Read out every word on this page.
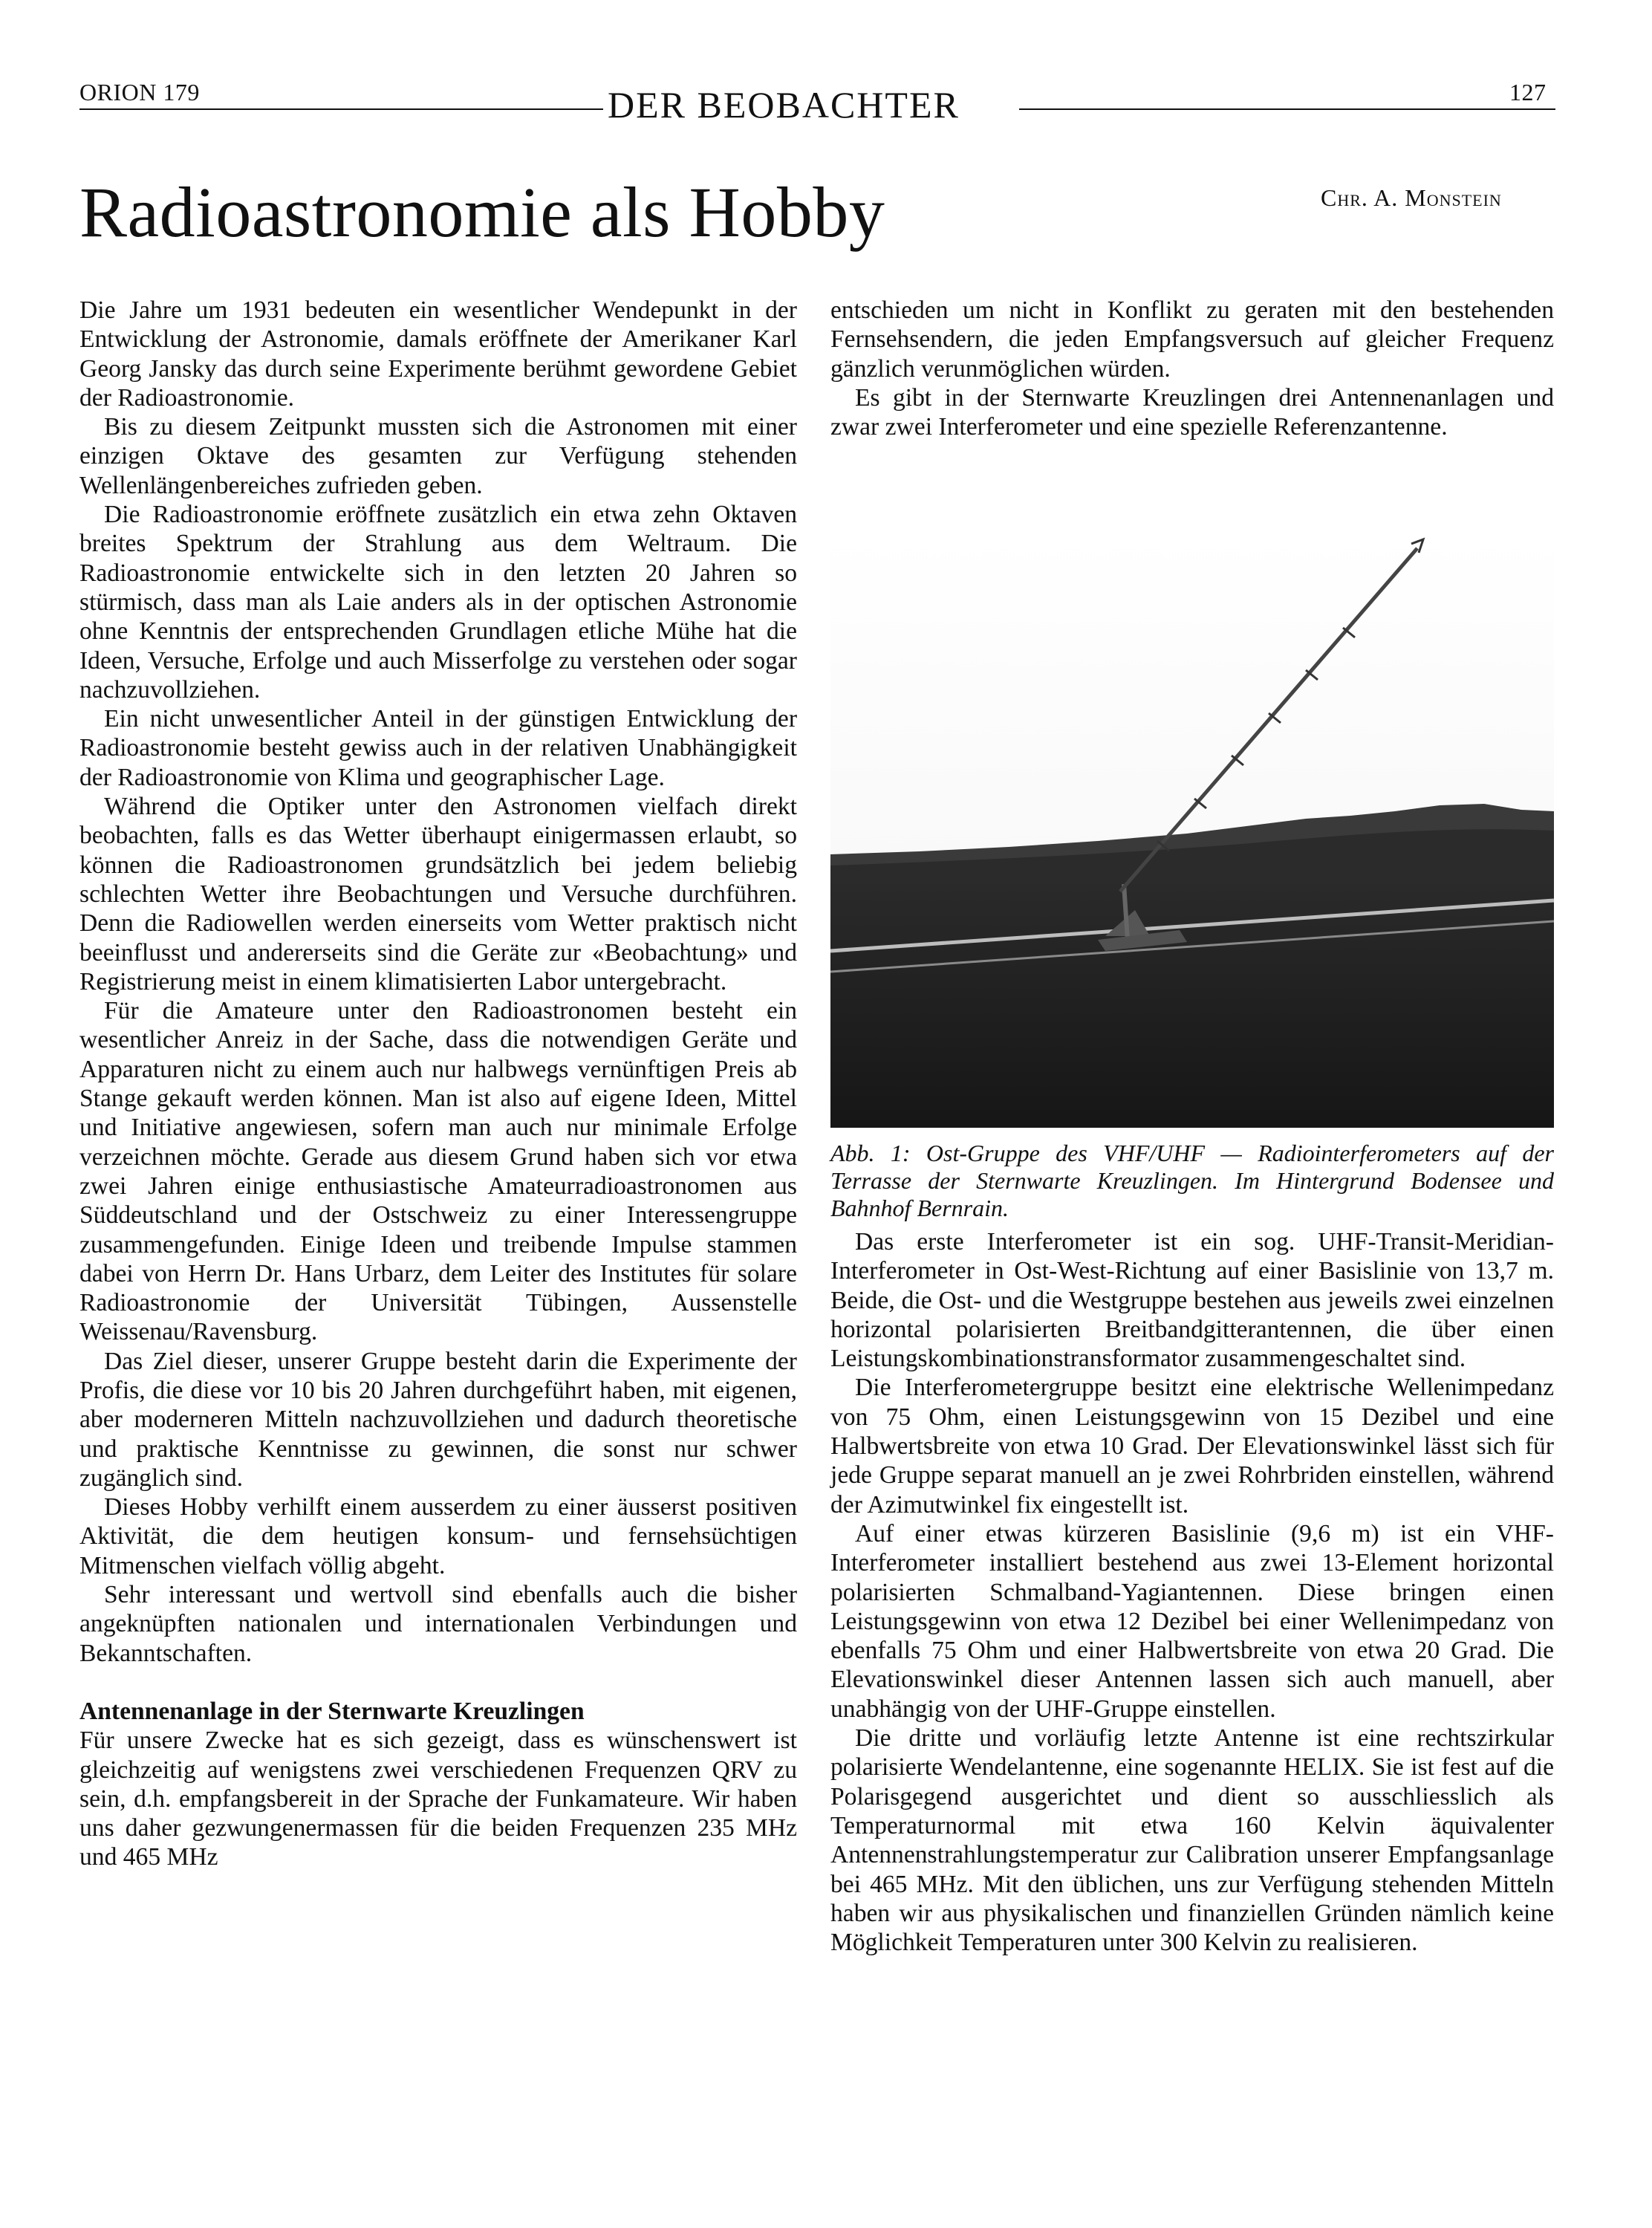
ORION 179	DER BEOBACHTER	127
Radioastronomie als Hobby	Chr. A. Monstein

Die Jahre um 1931 bedeuten ein wesentlicher Wendepunkt in der Entwicklung der Astronomie, damals eröffnete der Amerikaner Karl Georg Jansky das durch seine Experimente berühmt gewordene Gebiet der Radioastronomie.

Bis zu diesem Zeitpunkt mussten sich die Astronomen mit einer einzigen Oktave des gesamten zur Verfügung stehenden Wellenlängenbereiches zufrieden geben.

Die Radioastronomie eröffnete zusätzlich ein etwa zehn Oktaven breites Spektrum der Strahlung aus dem Weltraum. Die Radioastronomie entwickelte sich in den letzten 20 Jahren so stürmisch, dass man als Laie anders als in der optischen Astronomie ohne Kenntnis der entsprechenden Grundlagen etliche Mühe hat die Ideen, Versuche, Erfolge und auch Misserfolge zu verstehen oder sogar nachzuvollziehen.

Ein nicht unwesentlicher Anteil in der günstigen Entwicklung der Radioastronomie besteht gewiss auch in der relativen Unabhängigkeit der Radioastronomie von Klima und geographischer Lage.

Während die Optiker unter den Astronomen vielfach direkt beobachten, falls es das Wetter überhaupt einigermassen erlaubt, so können die Radioastronomen grundsätzlich bei jedem beliebig schlechten Wetter ihre Beobachtungen und Versuche durchführen. Denn die Radiowellen werden einerseits vom Wetter praktisch nicht beeinflusst und andererseits sind die Geräte zur «Beobachtung» und Registrierung meist in einem klimatisierten Labor untergebracht.

Für die Amateure unter den Radioastronomen besteht ein wesentlicher Anreiz in der Sache, dass die notwendigen Geräte und Apparaturen nicht zu einem auch nur halbwegs vernünftigen Preis ab Stange gekauft werden können. Man ist also auf eigene Ideen, Mittel und Initiative angewiesen, sofern man auch nur minimale Erfolge verzeichnen möchte. Gerade aus diesem Grund haben sich vor etwa zwei Jahren einige enthusiastische Amateurradioastronomen aus Süddeutschland und der Ostschweiz zu einer Interessengruppe zusammengefunden. Einige Ideen und treibende Impulse stammen dabei von Herrn Dr. Hans Urbarz, dem Leiter des Institutes für solare Radioastronomie der Universität Tübingen, Aussenstelle Weissenau/Ravensburg.

Das Ziel dieser, unserer Gruppe besteht darin die Experimente der Profis, die diese vor 10 bis 20 Jahren durchgeführt haben, mit eigenen, aber moderneren Mitteln nachzuvollziehen und dadurch theoretische und praktische Kenntnisse zu gewinnen, die sonst nur schwer zugänglich sind.

Dieses Hobby verhilft einem ausserdem zu einer äusserst positiven Aktivität, die dem heutigen konsum- und fernsehsüchtigen Mitmenschen vielfach völlig abgeht.

Sehr interessant und wertvoll sind ebenfalls auch die bisher angeknüpften nationalen und internationalen Verbindungen und Bekanntschaften.

Antennenanlage in der Sternwarte Kreuzlingen

Für unsere Zwecke hat es sich gezeigt, dass es wünschenswert ist gleichzeitig auf wenigstens zwei verschiedenen Frequenzen QRV zu sein, d.h. empfangsbereit in der Sprache der Funkamateure. Wir haben uns daher gezwungenermassen für die beiden Frequenzen 235 MHz und 465 MHz

entschieden um nicht in Konflikt zu geraten mit den bestehenden Fernsehsendern, die jeden Empfangsversuch auf gleicher Frequenz gänzlich verunmöglichen würden.

Es gibt in der Sternwarte Kreuzlingen drei Antennenanlagen und zwar zwei Interferometer und eine spezielle Referenzantenne.

Abb. 1: Ost-Gruppe des VHF/UHF — Radiointerferometers auf der Terrasse der Sternwarte Kreuzlingen. Im Hintergrund Bodensee und Bahnhof Bernrain.

Das erste Interferometer ist ein sog. UHF-Transit-Meridian-Interferometer in Ost-West-Richtung auf einer Basislinie von 13,7 m. Beide, die Ost- und die Westgruppe bestehen aus jeweils zwei einzelnen horizontal polarisierten Breitbandgitterantennen, die über einen Leistungskombinationstransformator zusammengeschaltet sind.

Die Interferometergruppe besitzt eine elektrische Wellenimpedanz von 75 Ohm, einen Leistungsgewinn von 15 Dezibel und eine Halbwertsbreite von etwa 10 Grad. Der Elevationswinkel lässt sich für jede Gruppe separat manuell an je zwei Rohrbriden einstellen, während der Azimutwinkel fix eingestellt ist.

Auf einer etwas kürzeren Basislinie (9,6 m) ist ein VHF-Interferometer installiert bestehend aus zwei 13-Element horizontal polarisierten Schmalband-Yagiantennen. Diese bringen einen Leistungsgewinn von etwa 12 Dezibel bei einer Wellenimpedanz von ebenfalls 75 Ohm und einer Halbwertsbreite von etwa 20 Grad. Die Elevationswinkel dieser Antennen lassen sich auch manuell, aber unabhängig von der UHF-Gruppe einstellen.

Die dritte und vorläufig letzte Antenne ist eine rechtszirkular polarisierte Wendelantenne, eine sogenannte HELIX. Sie ist fest auf die Polarisgegend ausgerichtet und dient so ausschliesslich als Temperaturnormal mit etwa 160 Kelvin äquivalenter Antennenstrahlungstemperatur zur Calibration unserer Empfangsanlage bei 465 MHz. Mit den üblichen, uns zur Verfügung stehenden Mitteln haben wir aus physikalischen und finanziellen Gründen nämlich keine Möglichkeit Temperaturen unter 300 Kelvin zu realisieren.
